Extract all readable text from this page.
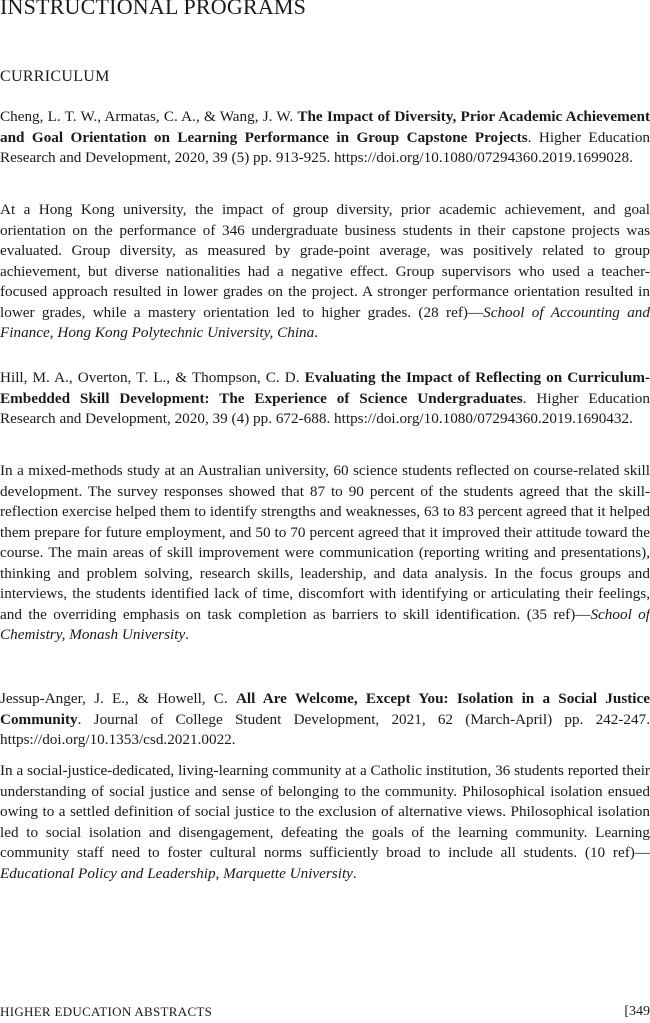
INSTRUCTIONAL PROGRAMS
CURRICULUM

Cheng, L. T. W., Armatas, C. A., & Wang, J. W. The Impact of Diversity, Prior Academic Achievement and Goal Orientation on Learning Performance in Group Capstone Projects. Higher Education Research and Development, 2020, 39 (5) pp. 913-925. https://doi.org/10.1080/07294360.2019.1699028.

At a Hong Kong university, the impact of group diversity, prior academic achievement, and goal orientation on the performance of 346 undergraduate business students in their capstone projects was evaluated. Group diversity, as measured by grade-point average, was positively related to group achievement, but diverse nationalities had a negative effect. Group supervisors who used a teacher-focused approach resulted in lower grades on the project. A stronger performance orientation resulted in lower grades, while a mastery orientation led to higher grades. (28 ref)—School of Accounting and Finance, Hong Kong Polytechnic University, China.

Hill, M. A., Overton, T. L., & Thompson, C. D. Evaluating the Impact of Reflecting on Curriculum-Embedded Skill Development: The Experience of Science Undergraduates. Higher Education Research and Development, 2020, 39 (4) pp. 672-688. https://doi.org/10.1080/07294360.2019.1690432.

In a mixed-methods study at an Australian university, 60 science students reflected on course-related skill development. The survey responses showed that 87 to 90 percent of the students agreed that the skill-reflection exercise helped them to identify strengths and weaknesses, 63 to 83 percent agreed that it helped them prepare for future employment, and 50 to 70 percent agreed that it improved their attitude toward the course. The main areas of skill improvement were communication (reporting writing and presentations), thinking and problem solving, research skills, leadership, and data analysis. In the focus groups and interviews, the students identified lack of time, discomfort with identifying or articulating their feelings, and the overriding emphasis on task completion as barriers to skill identification. (35 ref)—School of Chemistry, Monash University.

Jessup-Anger, J. E., & Howell, C. All Are Welcome, Except You: Isolation in a Social Justice Community. Journal of College Student Development, 2021, 62 (March-April) pp. 242-247. https://doi.org/10.1353/csd.2021.0022.

In a social-justice-dedicated, living-learning community at a Catholic institution, 36 students reported their understanding of social justice and sense of belonging to the community. Philosophical isolation ensued owing to a settled definition of social justice to the exclusion of alternative views. Philosophical isolation led to social isolation and disengagement, defeating the goals of the learning community. Learning community staff need to foster cultural norms sufficiently broad to include all students. (10 ref)—Educational Policy and Leadership, Marquette University.

HIGHER EDUCATION ABSTRACTS	[349
